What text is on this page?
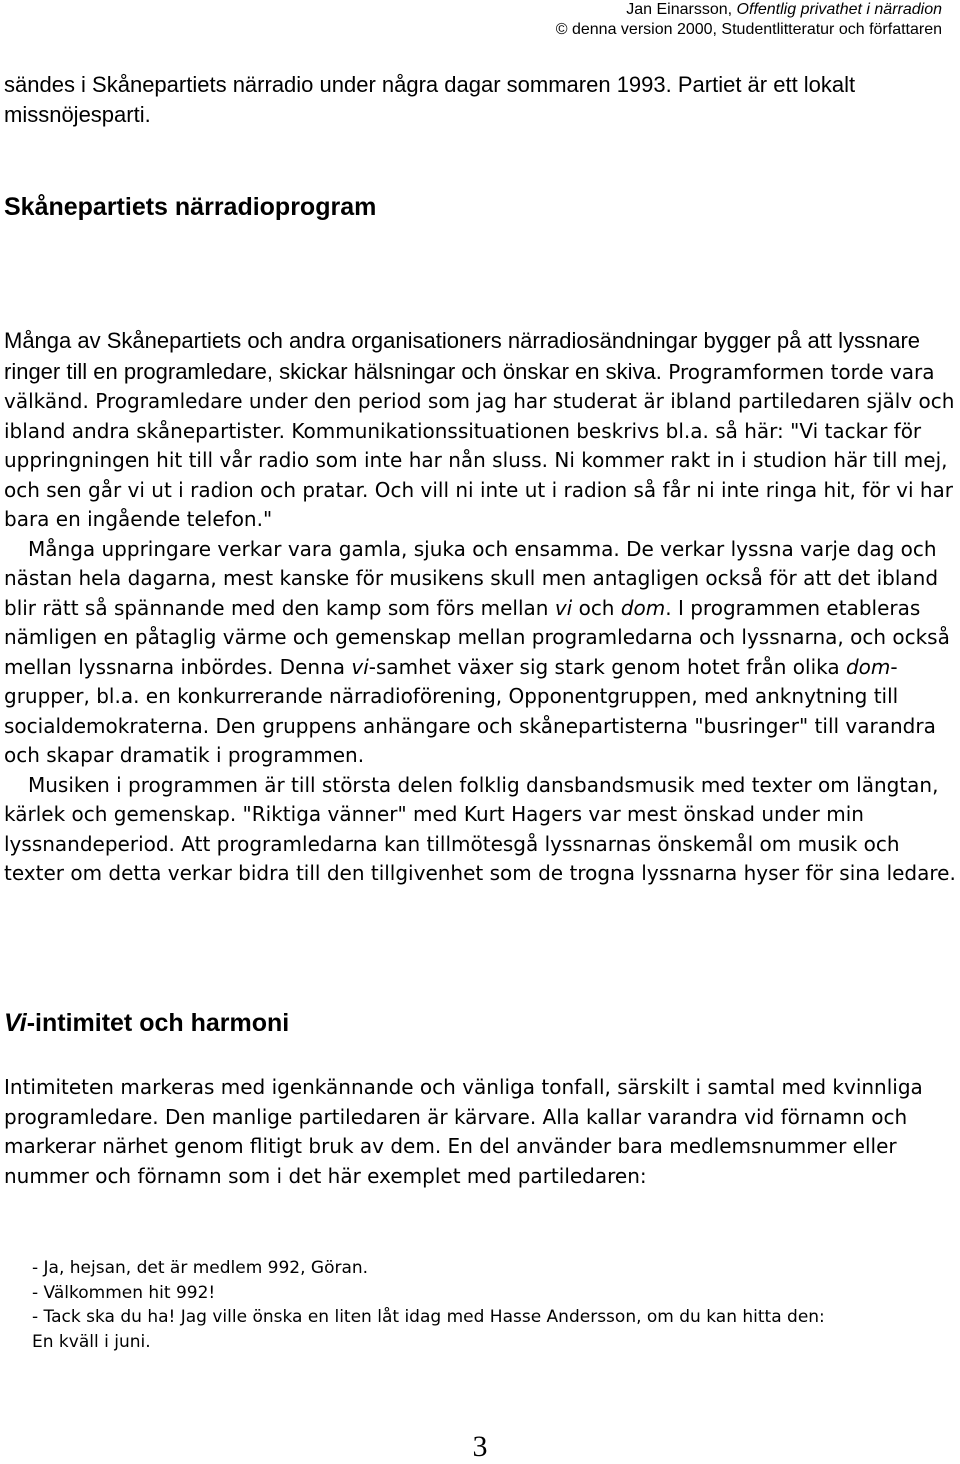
Jan Einarsson, Offentlig privathet i närradion
© denna version 2000, Studentlitteratur och författaren

sändes i Skånepartiets närradio under några dagar sommaren 1993. Partiet är ett lokalt missnöjesparti.

Skånepartiets närradioprogram

Många av Skånepartiets och andra organisationers närradiosändningar bygger på att lyssnare ringer till en programledare, skickar hälsningar och önskar en skiva. Programformen torde vara välkänd. Programledare under den period som jag har studerat är ibland partiledaren själv och ibland andra skånepartister. Kommunikationssituationen beskrivs bl.a. så här: "Vi tackar för uppringningen hit till vår radio som inte har nån sluss. Ni kommer rakt in i studion här till mej, och sen går vi ut i radion och pratar. Och vill ni inte ut i radion så får ni inte ringa hit, för vi har bara en ingående telefon."
Många uppringare verkar vara gamla, sjuka och ensamma. De verkar lyssna varje dag och nästan hela dagarna, mest kanske för musikens skull men antagligen också för att det ibland blir rätt så spännande med den kamp som förs mellan vi och dom. I programmen etableras nämligen en påtaglig värme och gemenskap mellan programledarna och lyssnarna, och också mellan lyssnarna inbördes. Denna vi-samhet växer sig stark genom hotet från olika dom-grupper, bl.a. en konkurrerande närradioförening, Opponentgruppen, med anknytning till socialdemokraterna. Den gruppens anhängare och skånepartisterna "busringer" till varandra och skapar dramatik i programmen.
Musiken i programmen är till största delen folklig dansbandsmusik med texter om längtan, kärlek och gemenskap. "Riktiga vänner" med Kurt Hagers var mest önskad under min lyssnandeperiod. Att programledarna kan tillmötesgå lyssnarnas önskemål om musik och texter om detta verkar bidra till den tillgivenhet som de trogna lyssnarna hyser för sina ledare.

Vi-intimitet och harmoni

Intimiteten markeras med igenkännande och vänliga tonfall, särskilt i samtal med kvinnliga programledare. Den manlige partiledaren är kärvare. Alla kallar varandra vid förnamn och markerar närhet genom flitigt bruk av dem. En del använder bara medlemsnummer eller nummer och förnamn som i det här exemplet med partiledaren:

- Ja, hejsan, det är medlem 992, Göran.
- Välkommen hit 992!
- Tack ska du ha! Jag ville önska en liten låt idag med Hasse Andersson, om du kan hitta den:
En kväll i juni.
3
